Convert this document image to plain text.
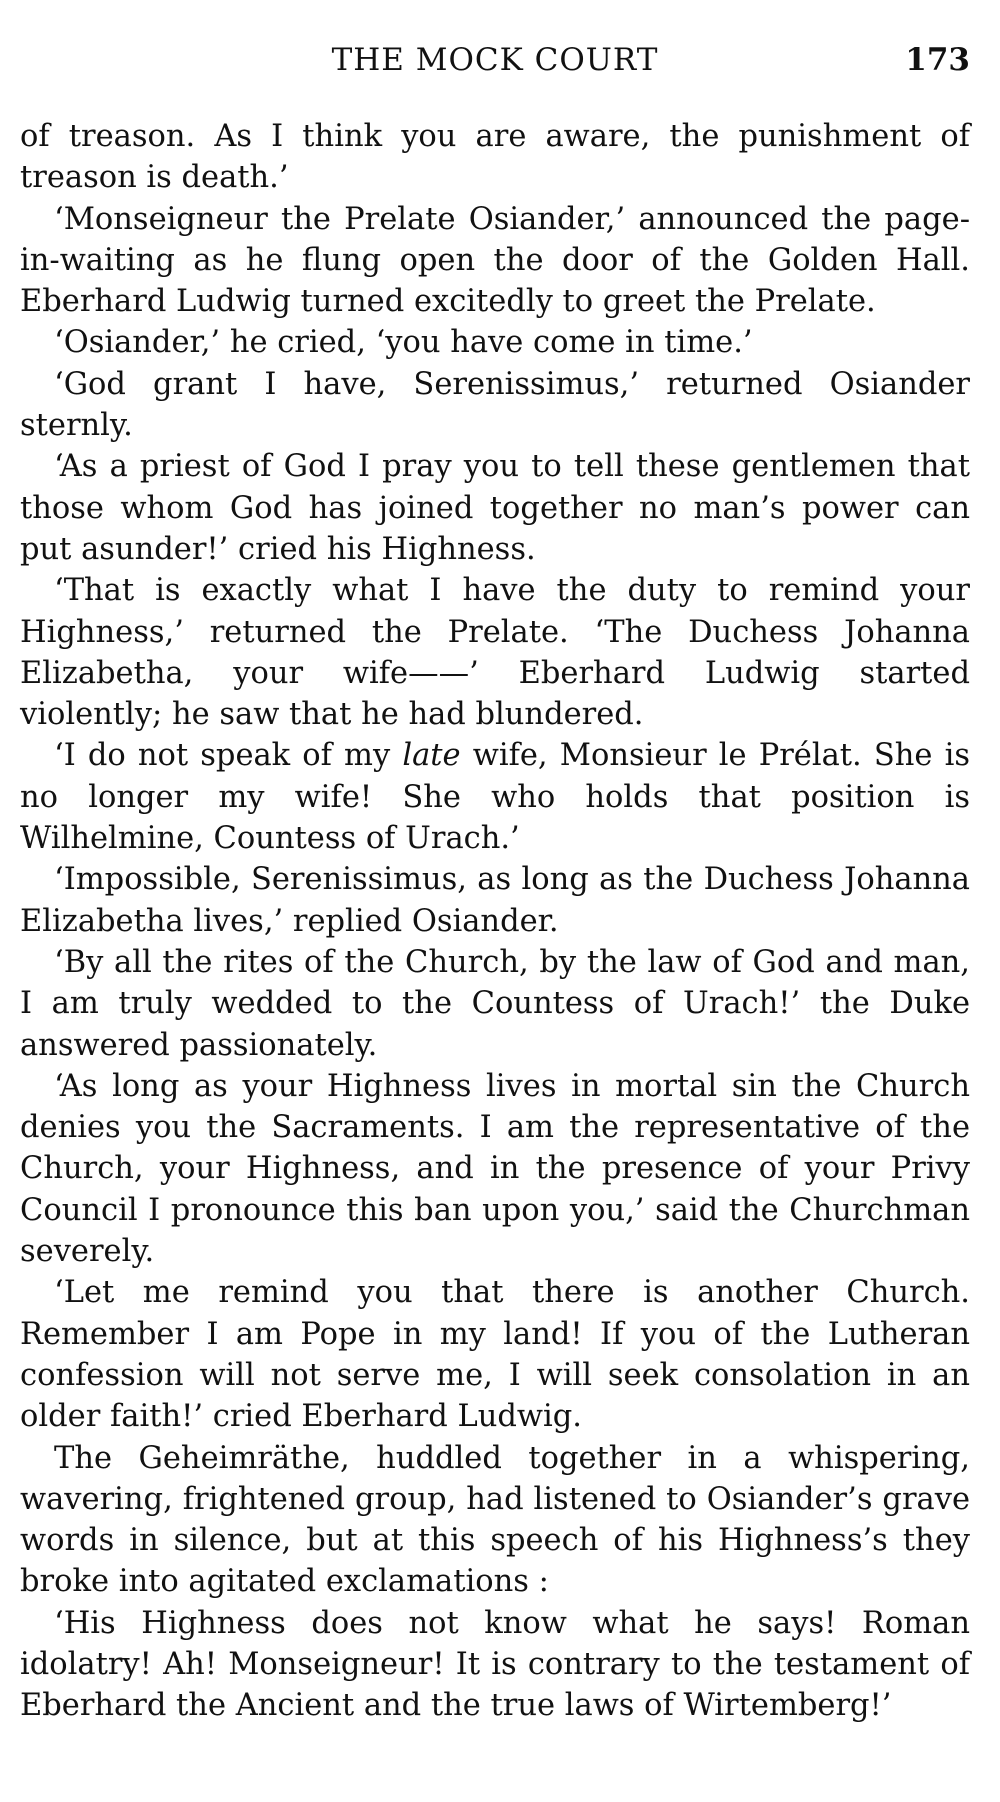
THE MOCK COURT	173

of treason. As I think you are aware, the punishment of treason is death.’

‘Monseigneur the Prelate Osiander,’ announced the page-in-waiting as he flung open the door of the Golden Hall. Eberhard Ludwig turned excitedly to greet the Prelate.

‘Osiander,’ he cried, ‘you have come in time.’

‘God grant I have, Serenissimus,’ returned Osiander sternly.

‘As a priest of God I pray you to tell these gentlemen that those whom God has joined together no man’s power can put asunder!’ cried his Highness.

‘That is exactly what I have the duty to remind your Highness,’ returned the Prelate. ‘The Duchess Johanna Elizabetha, your wife——’ Eberhard Ludwig started violently; he saw that he had blundered.

‘I do not speak of my late wife, Monsieur le Prélat. She is no longer my wife! She who holds that position is Wilhelmine, Countess of Urach.’

‘Impossible, Serenissimus, as long as the Duchess Johanna Elizabetha lives,’ replied Osiander.

‘By all the rites of the Church, by the law of God and man, I am truly wedded to the Countess of Urach!’ the Duke answered passionately.

‘As long as your Highness lives in mortal sin the Church denies you the Sacraments. I am the representative of the Church, your Highness, and in the presence of your Privy Council I pronounce this ban upon you,’ said the Churchman severely.

‘Let me remind you that there is another Church. Remember I am Pope in my land! If you of the Lutheran confession will not serve me, I will seek consolation in an older faith!’ cried Eberhard Ludwig.

The Geheimräthe, huddled together in a whispering, wavering, frightened group, had listened to Osiander’s grave words in silence, but at this speech of his Highness’s they broke into agitated exclamations :

‘His Highness does not know what he says! Roman idolatry! Ah! Monseigneur! It is contrary to the testament of Eberhard the Ancient and the true laws of Wirtemberg!’
